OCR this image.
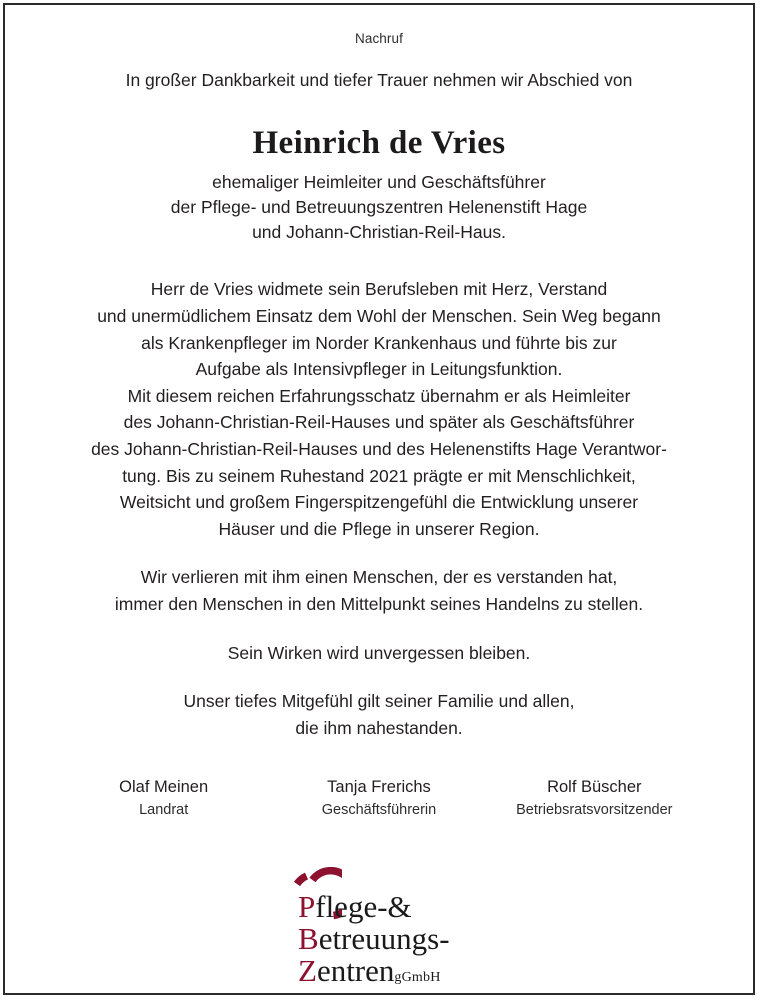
Nachruf
In großer Dankbarkeit und tiefer Trauer nehmen wir Abschied von
Heinrich de Vries
ehemaliger Heimleiter und Geschäftsführer
der Pflege- und Betreuungszentren Helenenstift Hage
und Johann-Christian-Reil-Haus.
Herr de Vries widmete sein Berufsleben mit Herz, Verstand
und unermüdlichem Einsatz dem Wohl der Menschen. Sein Weg begann
als Krankenpfleger im Norder Krankenhaus und führte bis zur
Aufgabe als Intensivpfleger in Leitungsfunktion.
Mit diesem reichen Erfahrungsschatz übernahm er als Heimleiter
des Johann-Christian-Reil-Hauses und später als Geschäftsführer
des Johann-Christian-Reil-Hauses und des Helenenstifts Hage Verantwor-
tung. Bis zu seinem Ruhestand 2021 prägte er mit Menschlichkeit,
Weitsicht und großem Fingerspitzengefühl die Entwicklung unserer
Häuser und die Pflege in unserer Region.
Wir verlieren mit ihm einen Menschen, der es verstanden hat,
immer den Menschen in den Mittelpunkt seines Handelns zu stellen.
Sein Wirken wird unvergessen bleiben.
Unser tiefes Mitgefühl gilt seiner Familie und allen,
die ihm nahestanden.
Olaf Meinen
Landrat
Tanja Frerichs
Geschäftsführerin
Rolf Büscher
Betriebsratsvorsitzender
Pflege-&
Betreuungs-
ZentrengGmbH
